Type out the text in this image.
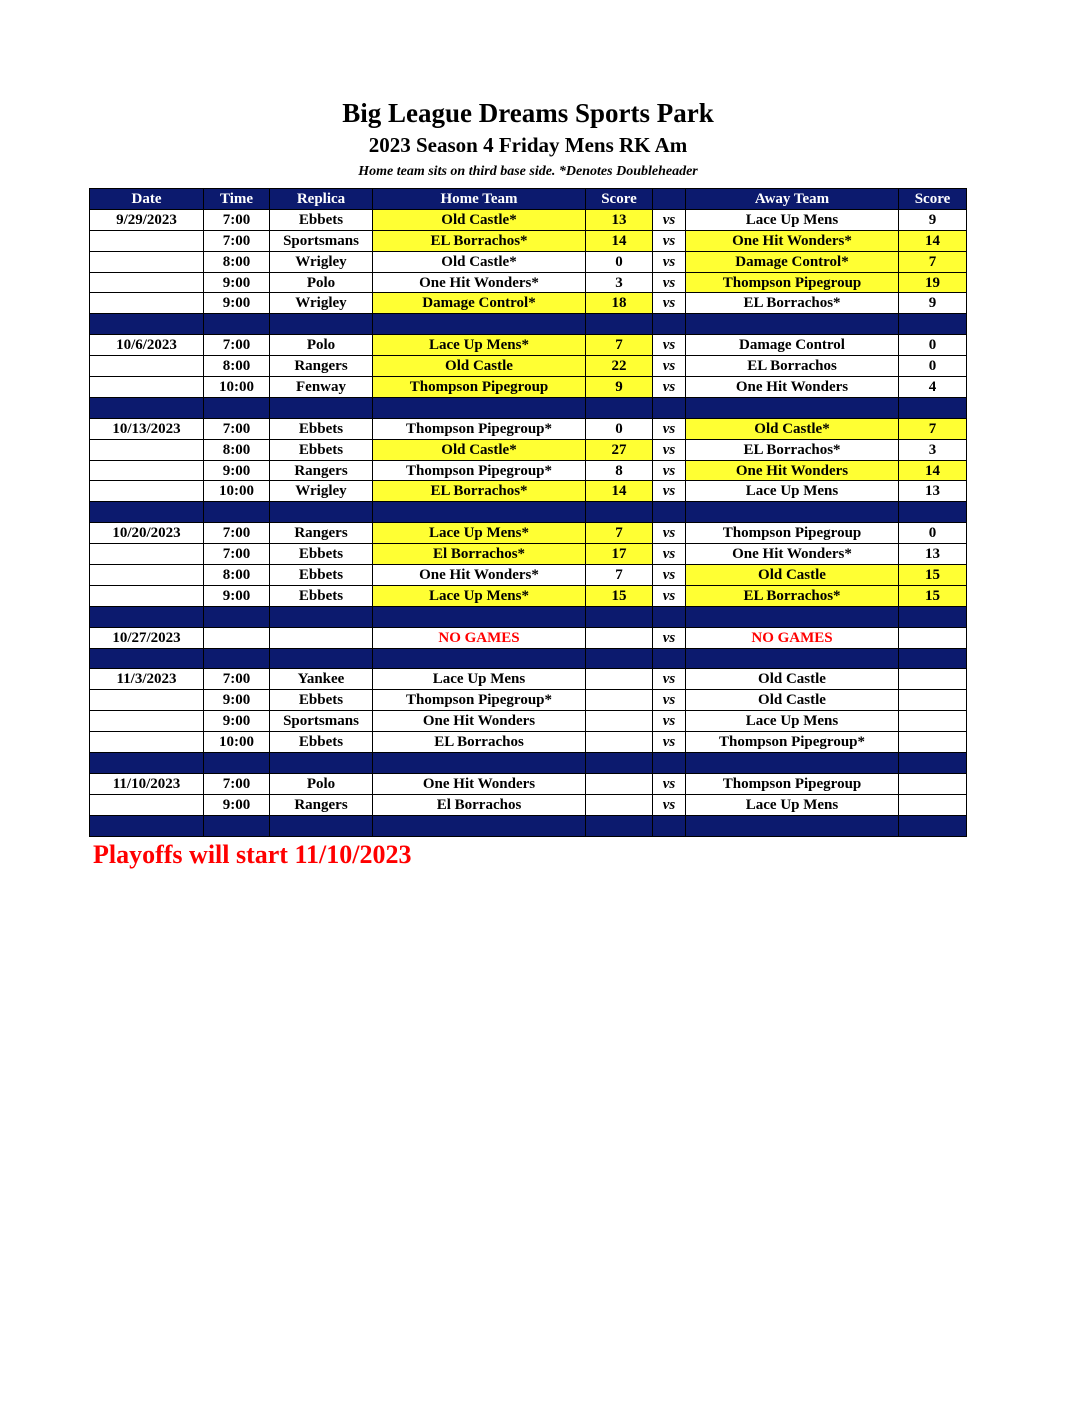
Big League Dreams Sports Park
2023 Season 4 Friday Mens RK Am
Home team sits on third base side. *Denotes Doubleheader
Date	Time	Replica	Home Team	Score		Away Team	Score
9/29/2023	7:00	Ebbets	Old Castle*	13	vs	Lace Up Mens	9
	7:00	Sportsmans	EL Borrachos*	14	vs	One Hit Wonders*	14
	8:00	Wrigley	Old Castle*	0	vs	Damage Control*	7
	9:00	Polo	One Hit Wonders*	3	vs	Thompson Pipegroup	19
	9:00	Wrigley	Damage Control*	18	vs	EL Borrachos*	9

10/6/2023	7:00	Polo	Lace Up Mens*	7	vs	Damage Control	0
	8:00	Rangers	Old Castle	22	vs	EL Borrachos	0
	10:00	Fenway	Thompson Pipegroup	9	vs	One Hit Wonders	4

10/13/2023	7:00	Ebbets	Thompson Pipegroup*	0	vs	Old Castle*	7
	8:00	Ebbets	Old Castle*	27	vs	EL Borrachos*	3
	9:00	Rangers	Thompson Pipegroup*	8	vs	One Hit Wonders	14
	10:00	Wrigley	EL Borrachos*	14	vs	Lace Up Mens	13

10/20/2023	7:00	Rangers	Lace Up Mens*	7	vs	Thompson Pipegroup	0
	7:00	Ebbets	El Borrachos*	17	vs	One Hit Wonders*	13
	8:00	Ebbets	One Hit Wonders*	7	vs	Old Castle	15
	9:00	Ebbets	Lace Up Mens*	15	vs	EL Borrachos*	15

10/27/2023			NO GAMES		vs	NO GAMES	

11/3/2023	7:00	Yankee	Lace Up Mens		vs	Old Castle	
	9:00	Ebbets	Thompson Pipegroup*		vs	Old Castle	
	9:00	Sportsmans	One Hit Wonders		vs	Lace Up Mens	
	10:00	Ebbets	EL Borrachos		vs	Thompson Pipegroup*	

11/10/2023	7:00	Polo	One Hit Wonders		vs	Thompson Pipegroup	
	9:00	Rangers	El Borrachos		vs	Lace Up Mens	

Playoffs will start 11/10/2023
